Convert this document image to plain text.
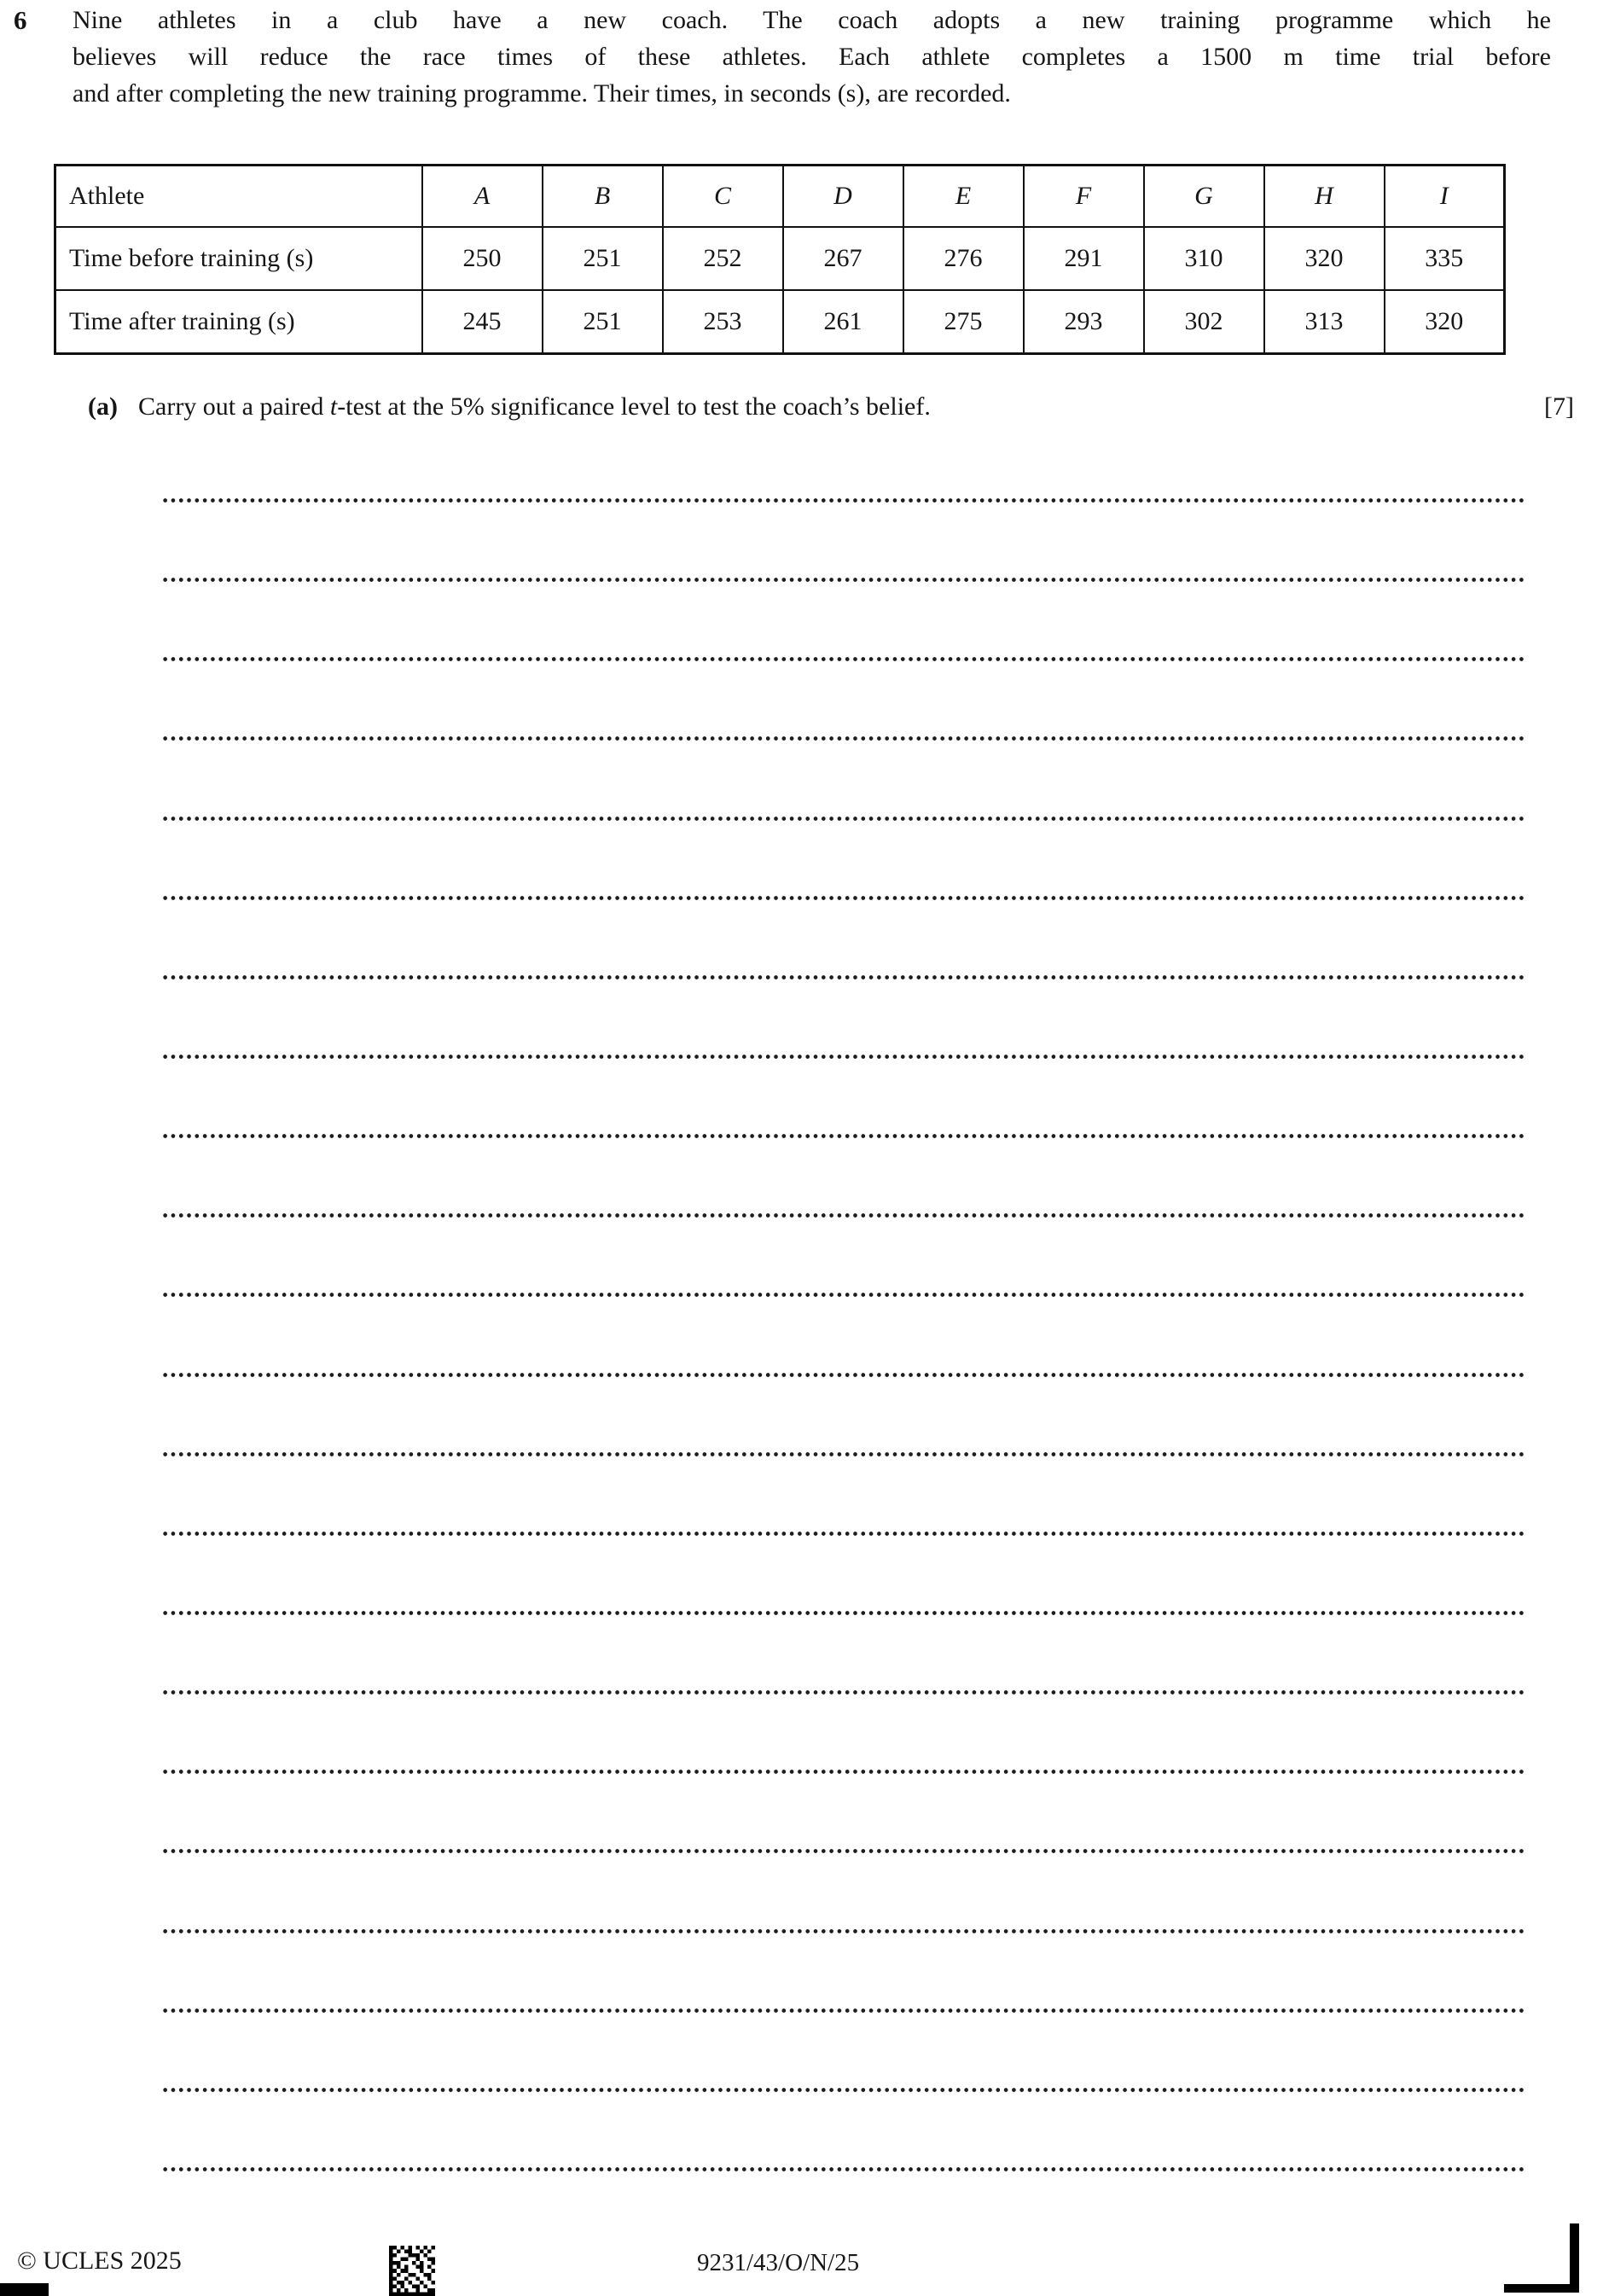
6 Nine athletes in a club have a new coach. The coach adopts a new training programme which he
believes will reduce the race times of these athletes. Each athlete completes a 1500 m time trial before
and after completing the new training programme. Their times, in seconds (s), are recorded.
Athlete	A	B	C	D	E	F	G	H	I
Time before training (s)	250	251	252	267	276	291	310	320	335
Time after training (s)	245	251	253	261	275	293	302	313	320
(a) Carry out a paired t-test at the 5% significance level to test the coach’s belief.	[7]
© UCLES 2025	9231/43/O/N/25
